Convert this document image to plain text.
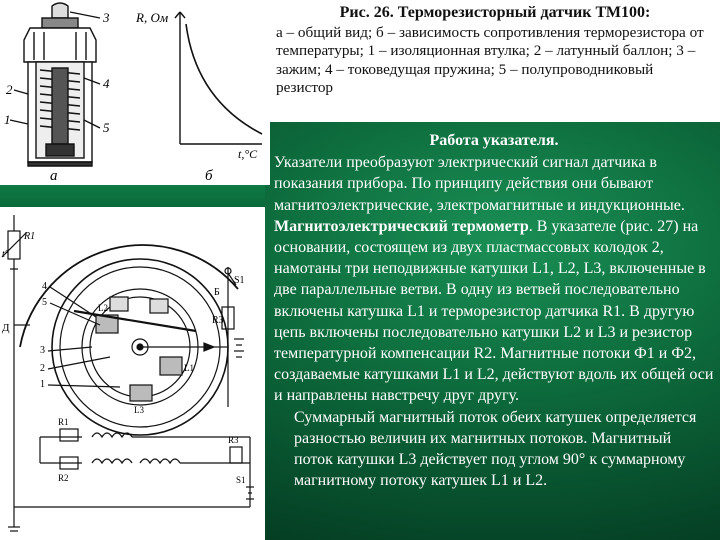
3
4
5
2
1
R, Ом
t,°C
а	б
R1
t°
Д
Б
S1
R3
4
5
3
2
1
L2
L1
L3
R1
R2
R3
S1
Рис. 26. Терморезисторный датчик ТМ100:
а – общий вид; б – зависимость сопротивления терморезистора от температуры; 1 – изоляционная втулка; 2 – латунный баллон; 3 – зажим; 4 – токоведущая пружина; 5 – полупроводниковый резистор
Работа указателя.

Указатели преобразуют электрический сигнал датчика в показания прибора. По принципу действия они бывают магнитоэлектрические, электромагнитные и индукционные. Магнитоэлектрический термометр. В указателе (рис. 27) на основании, состоящем из двух пластмассовых колодок 2, намотаны три неподвижные катушки L1, L2, L3, включенные в две параллельные ветви. В одну из ветвей последовательно включены катушка L1 и терморезистор датчика R1. В другую цепь включены последовательно катушки L2 и L3 и резистор температурной компенсации R2. Магнитные потоки Ф1 и Ф2, создаваемые катушками L1 и L2, действуют вдоль их общей оси и направлены навстречу друг другу.

Суммарный магнитный поток обеих катушек определяется разностью величин их магнитных потоков. Магнитный поток катушки L3 действует под углом 90° к суммарному магнитному потоку катушек L1 и L2.
